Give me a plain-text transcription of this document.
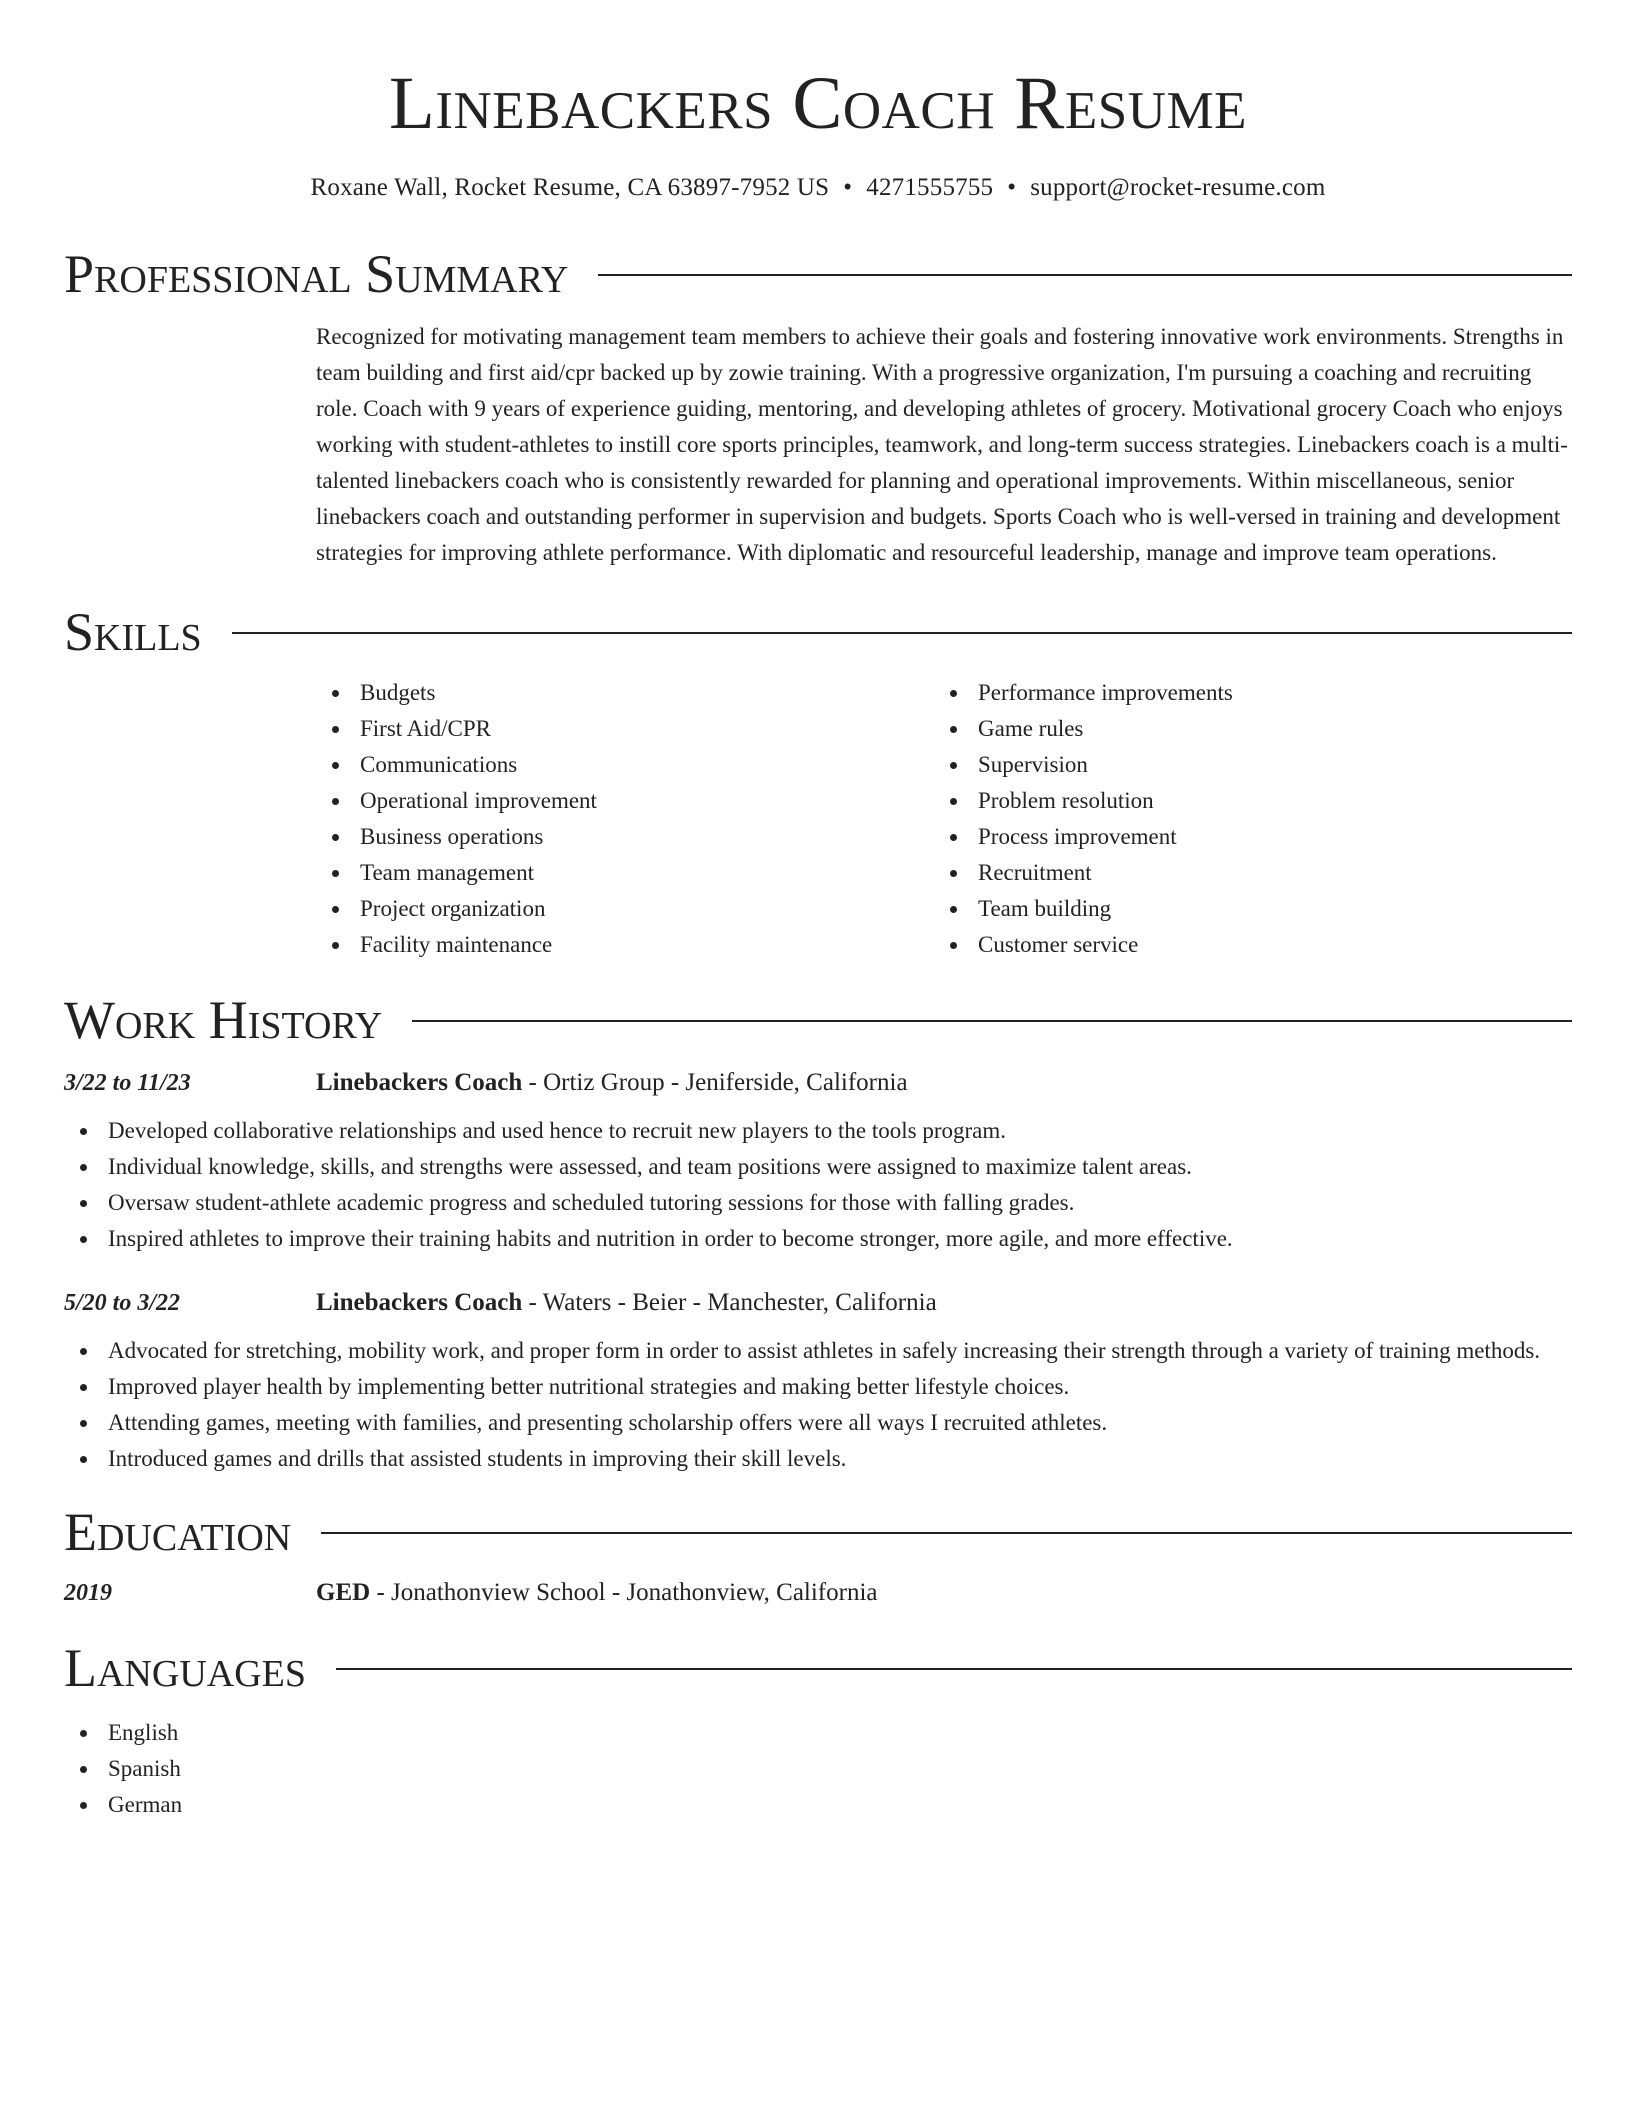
Linebackers Coach Resume
Roxane Wall, Rocket Resume, CA 63897-7952 US • 4271555755 • support@rocket-resume.com
Professional Summary

Recognized for motivating management team members to achieve their goals and fostering innovative work environments. Strengths in team building and first aid/cpr backed up by zowie training. With a progressive organization, I'm pursuing a coaching and recruiting role. Coach with 9 years of experience guiding, mentoring, and developing athletes of grocery. Motivational grocery Coach who enjoys working with student-athletes to instill core sports principles, teamwork, and long-term success strategies. Linebackers coach is a multi-talented linebackers coach who is consistently rewarded for planning and operational improvements. Within miscellaneous, senior linebackers coach and outstanding performer in supervision and budgets. Sports Coach who is well-versed in training and development strategies for improving athlete performance. With diplomatic and resourceful leadership, manage and improve team operations.

Skills
Budgets
First Aid/CPR
Communications
Operational improvement
Business operations
Team management
Project organization
Facility maintenance
Performance improvements
Game rules
Supervision
Problem resolution
Process improvement
Recruitment
Team building
Customer service
Work History
3/22 to 11/23	Linebackers Coach - Ortiz Group - Jeniferside, California
Developed collaborative relationships and used hence to recruit new players to the tools program.
Individual knowledge, skills, and strengths were assessed, and team positions were assigned to maximize talent areas.
Oversaw student-athlete academic progress and scheduled tutoring sessions for those with falling grades.
Inspired athletes to improve their training habits and nutrition in order to become stronger, more agile, and more effective.
5/20 to 3/22	Linebackers Coach - Waters - Beier - Manchester, California
Advocated for stretching, mobility work, and proper form in order to assist athletes in safely increasing their strength through a variety of training methods.
Improved player health by implementing better nutritional strategies and making better lifestyle choices.
Attending games, meeting with families, and presenting scholarship offers were all ways I recruited athletes.
Introduced games and drills that assisted students in improving their skill levels.
Education
2019	GED - Jonathonview School - Jonathonview, California
Languages
English
Spanish
German
